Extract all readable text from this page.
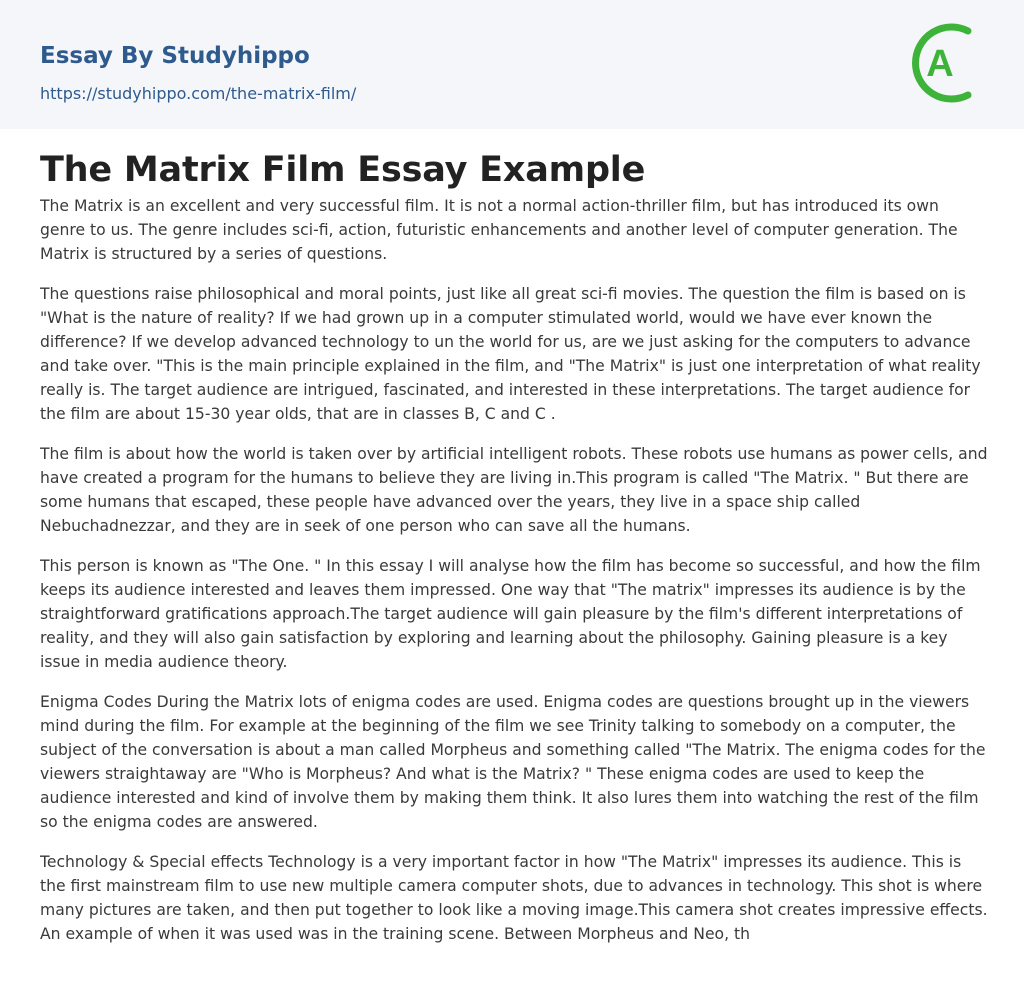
Essay By Studyhippo
https://studyhippo.com/the-matrix-film/
A
The Matrix Film Essay Example

The Matrix is an excellent and very successful film. It is not a normal action-thriller film, but has introduced its own genre to us. The genre includes sci-fi, action, futuristic enhancements and another level of computer generation. The Matrix is structured by a series of questions.

The questions raise philosophical and moral points, just like all great sci-fi movies. The question the film is based on is "What is the nature of reality? If we had grown up in a computer stimulated world, would we have ever known the difference? If we develop advanced technology to un the world for us, are we just asking for the computers to advance and take over. "This is the main principle explained in the film, and "The Matrix" is just one interpretation of what reality really is. The target audience are intrigued, fascinated, and interested in these interpretations. The target audience for the film are about 15-30 year olds, that are in classes B, C and C .

The film is about how the world is taken over by artificial intelligent robots. These robots use humans as power cells, and have created a program for the humans to believe they are living in.This program is called "The Matrix. " But there are some humans that escaped, these people have advanced over the years, they live in a space ship called Nebuchadnezzar, and they are in seek of one person who can save all the humans.

This person is known as "The One. " In this essay I will analyse how the film has become so successful, and how the film keeps its audience interested and leaves them impressed. One way that "The matrix" impresses its audience is by the straightforward gratifications approach.The target audience will gain pleasure by the film's different interpretations of reality, and they will also gain satisfaction by exploring and learning about the philosophy. Gaining pleasure is a key issue in media audience theory.

Enigma Codes During the Matrix lots of enigma codes are used. Enigma codes are questions brought up in the viewers mind during the film. For example at the beginning of the film we see Trinity talking to somebody on a computer, the subject of the conversation is about a man called Morpheus and something called "The Matrix. The enigma codes for the viewers straightaway are "Who is Morpheus? And what is the Matrix? " These enigma codes are used to keep the audience interested and kind of involve them by making them think. It also lures them into watching the rest of the film so the enigma codes are answered.

Technology & Special effects Technology is a very important factor in how "The Matrix" impresses its audience. This is the first mainstream film to use new multiple camera computer shots, due to advances in technology. This shot is where many pictures are taken, and then put together to look like a moving image.This camera shot creates impressive effects. An example of when it was used was in the training scene. Between Morpheus and Neo, th
